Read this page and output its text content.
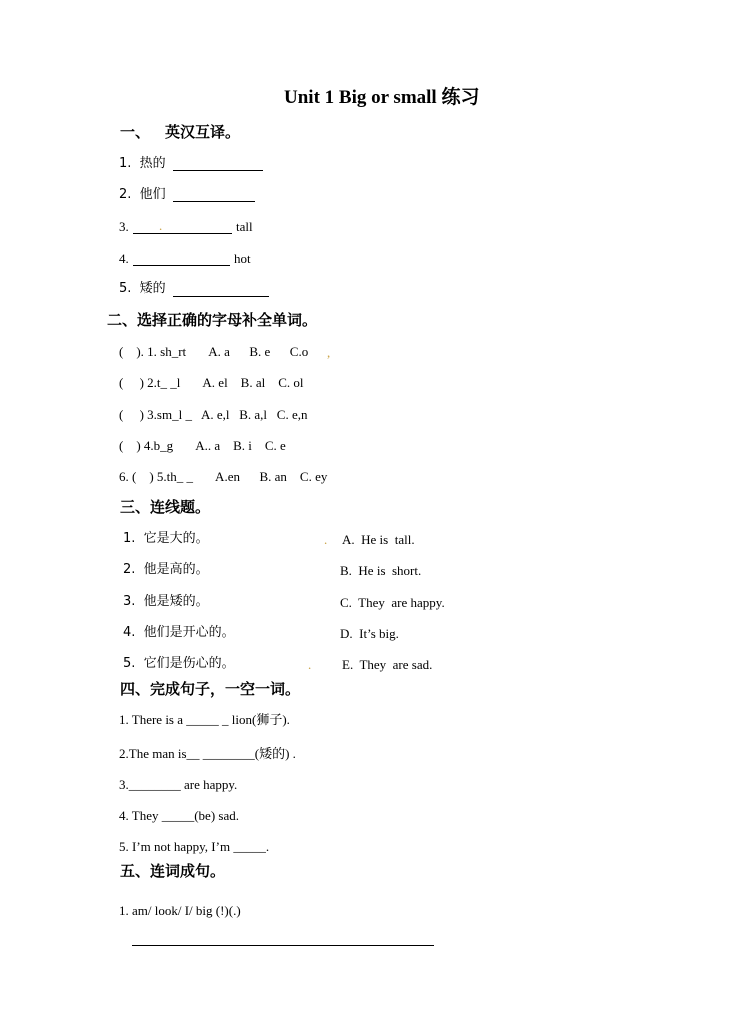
Unit 1 Big or small 练习
一、 英汉互译。
1.  热的
2.  他们
3. .	tall
4.	hot
5.  矮的
二、选择正确的字母补全单词。
(    ). 1. sh_rt       A. a      B. e      C.o ,
(     ) 2.t_ _l       A. el    B. al    C. ol
(     ) 3.sm_l _   A. e,l   B. a,l   C. e,n
(    ) 4.b_g       A.. a    B. i    C. e
6. (    ) 5.th_ _       A.en      B. an    C. ey
三、连线题。
1.  它是大的。	. A.  He is  tall.
2.  他是高的。	B.  He is  short.
3.  他是矮的。	C.  They  are happy.
4.  他们是开心的。	D.  It’s big.
5.  它们是伤心的。	. E.  They  are sad.
四、完成句子，一空一词。
1. There is a _____ _ lion(狮子).
2.The man is__ ________(矮的) .
3.________ are happy.
4. They _____(be) sad.
5. I’m not happy, I’m _____.
五、连词成句。
1. am/ look/ I/ big (!)(.)
